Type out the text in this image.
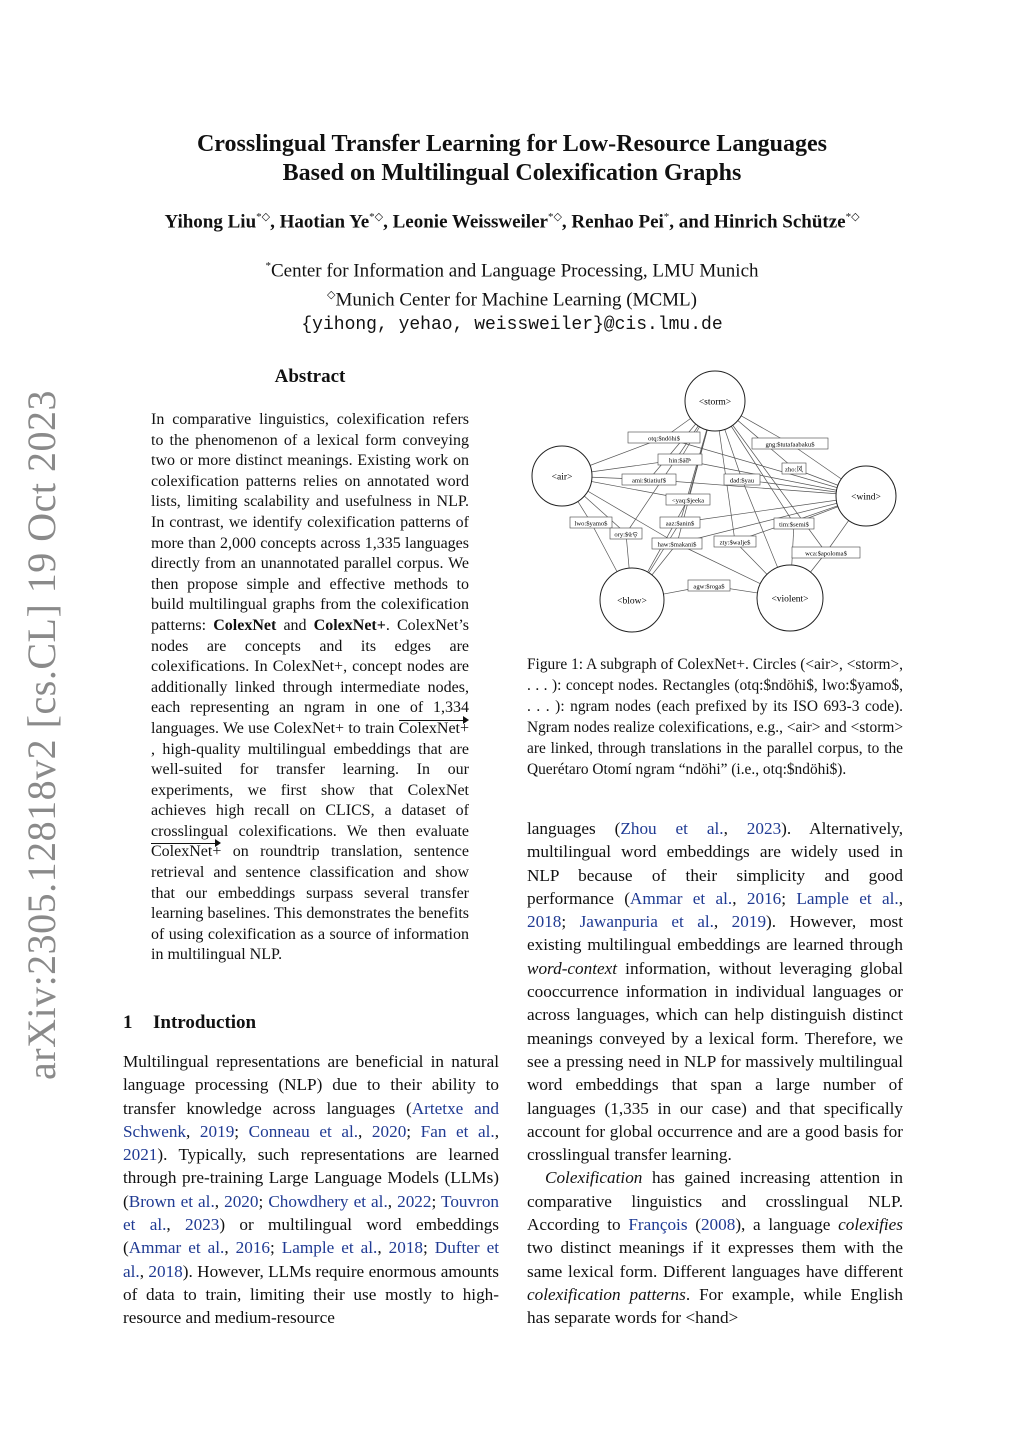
arXiv:2305.12818v2 [cs.CL] 19 Oct 2023
Crosslingual Transfer Learning for Low-Resource Languages
Based on Multilingual Colexification Graphs
Yihong Liu*◇, Haotian Ye*◇, Leonie Weissweiler*◇, Renhao Pei*, and Hinrich Schütze*◇
*Center for Information and Language Processing, LMU Munich
◇Munich Center for Machine Learning (MCML)
{yihong, yehao, weissweiler}@cis.lmu.de
Abstract
In comparative linguistics, colexification refers to the phenomenon of a lexical form conveying two or more distinct meanings. Existing work on colexification patterns relies on annotated word lists, limiting scalability and usefulness in NLP. In contrast, we identify colexification patterns of more than 2,000 concepts across 1,335 languages directly from an unannotated parallel corpus. We then propose simple and effective methods to build multilingual graphs from the colexification patterns: ColexNet and ColexNet+. ColexNet’s nodes are concepts and its edges are colexifications. In ColexNet+, concept nodes are additionally linked through intermediate nodes, each representing an ngram in one of 1,334 languages. We use ColexNet+ to train ColexNet+, high-quality multilingual embeddings that are well-suited for transfer learning. In our experiments, we first show that ColexNet achieves high recall on CLICS, a dataset of crosslingual colexifications. We then evaluate ColexNet+ on roundtrip translation, sentence retrieval and sentence classification and show that our embeddings surpass several transfer learning baselines. This demonstrates the benefits of using colexification as a source of information in multilingual NLP.
1 Introduction
Multilingual representations are beneficial in natural language processing (NLP) due to their ability to transfer knowledge across languages (Artetxe and Schwenk, 2019; Conneau et al., 2020; Fan et al., 2021). Typically, such representations are learned through pre-training Large Language Models (LLMs) (Brown et al., 2020; Chowdhery et al., 2022; Touvron et al., 2023) or multilingual word embeddings (Ammar et al., 2016; Lample et al., 2018; Dufter et al., 2018). However, LLMs require enormous amounts of data to train, limiting their use mostly to high-resource and medium-resource
languages (Zhou et al., 2023). Alternatively, multilingual word embeddings are widely used in NLP because of their simplicity and good performance (Ammar et al., 2016; Lample et al., 2018; Jawanpuria et al., 2019). However, most existing multilingual embeddings are learned through word-context information, without leveraging global cooccurrence information in individual languages or across languages, which can help distinguish distinct meanings conveyed by a lexical form. Therefore, we see a pressing need in NLP for massively multilingual word embeddings that span a large number of languages (1,335 in our case) and that specifically account for global occurrence and are a good basis for crosslingual transfer learning.
Colexification has gained increasing attention in comparative linguistics and crosslingual NLP. According to François (2008), a language colexifies two distinct meanings if it expresses them with the same lexical form. Different languages have different colexification patterns. For example, while English has separate words for <hand>
otq:$ndöhi$
hin:$ā̃dʰ
gng:$tutafaabaku$
zho:风
ami:$tiatiuf$	dad:$yau
<yaq:$jeeka
aaz:$anin$	tim:$semi$
lwo:$yamo$
ory:$ଝଡ଼
haw:$makani$	zty:$walje$
wca:$apoloma$
agw:$roga$
<storm>
<air>
<wind>
<blow>	<violent>
Figure 1: A subgraph of ColexNet+. Circles (<air>, <storm>, . . . ): concept nodes. Rectangles (otq:$ndöhi$, lwo:$yamo$, . . . ): ngram nodes (each prefixed by its ISO 693-3 code). Ngram nodes realize colexifications, e.g., <air> and <storm> are linked, through translations in the parallel corpus, to the Querétaro Otomí ngram “ndöhi” (i.e., otq:$ndöhi$).
